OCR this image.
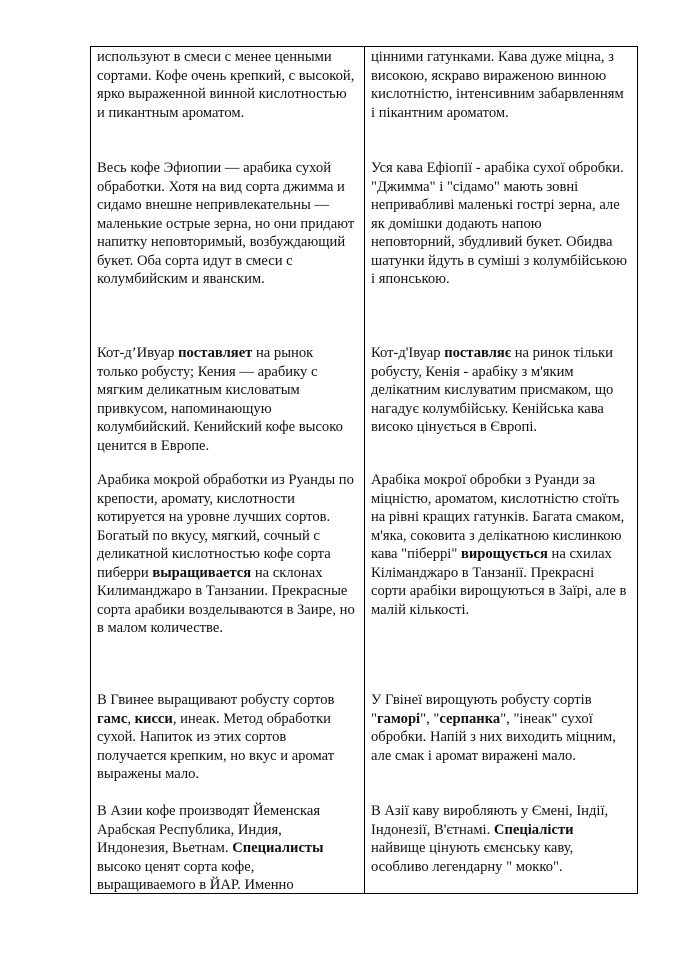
используют в смеси с менее ценными сортами. Кофе очень крепкий, с высокой, ярко выраженной винной кислотностью и пикантным ароматом.

Весь кофе Эфиопии — арабика сухой обработки. Хотя на вид сорта джимма и сидамо внешне непривлекательны — маленькие острые зерна, но они придают напитку неповторимый, возбуждающий букет. Оба сорта идут в смеси с колумбийским и яванским.

Кот-д’Ивуар поставляет на рынок только робусту; Кения — арабику с мягким деликатным кисловатым привкусом, напоминающую колумбийский. Кенийский кофе высоко ценится в Европе.

Арабика мокрой обработки из Руанды по крепости, аромату, кислотности котируется на уровне лучших сортов. Богатый по вкусу, мягкий, сочный с деликатной кислотностью кофе сорта пиберри выращивается на склонах Килиманджаро в Танзании. Прекрасные сорта арабики возделываются в Заире, но в малом количестве.

В Гвинее выращивают робусту сортов гамс, кисси, инеак. Метод обработки сухой. Напиток из этих сортов получается крепким, но вкус и аромат выражены мало.

В Азии кофе производят Йеменская Арабская Республика, Индия, Индонезия, Вьетнам. Специалисты высоко ценят сорта кофе, выращиваемого в ЙАР. Именно

цінними гатунками. Кава дуже міцна, з високою, яскраво вираженою винною кислотністю, інтенсивним забарвленням і пікантним ароматом.

Уся кава Ефіопії - арабіка сухої обробки. "Джимма" і "сідамо" мають зовні непривабливі маленькі гострі зерна, але як домішки додають напою неповторний, збудливий букет. Обидва шатунки йдуть в суміші з колумбійською і японською.

Кот-д'Івуар поставляє на ринок тільки робусту, Кенія - арабіку з м'яким делікатним кислуватим присмаком, що нагадує колумбійську. Кенійська кава високо цінується в Європі.

Арабіка мокрої обробки з Руанди за міцністю, ароматом, кислотністю стоїть на рівні кращих гатунків. Багата смаком, м'яка, соковита з делікатною кислинкою кава "піберрі" вирощується на схилах Кіліманджаро в Танзанії. Прекрасні сорти арабіки вирощуються в Заїрі, але в малій кількості.

У Гвінеї вирощують робусту сортів "гаморі", "серпанка", "інеак" сухої обробки. Напій з них виходить міцним, але смак і аромат виражені мало.

В Азії каву виробляють у Ємені, Індії, Індонезії, В'єтнамі. Спеціалісти найвище цінують ємєнську каву, особливо легендарну " мокко".
